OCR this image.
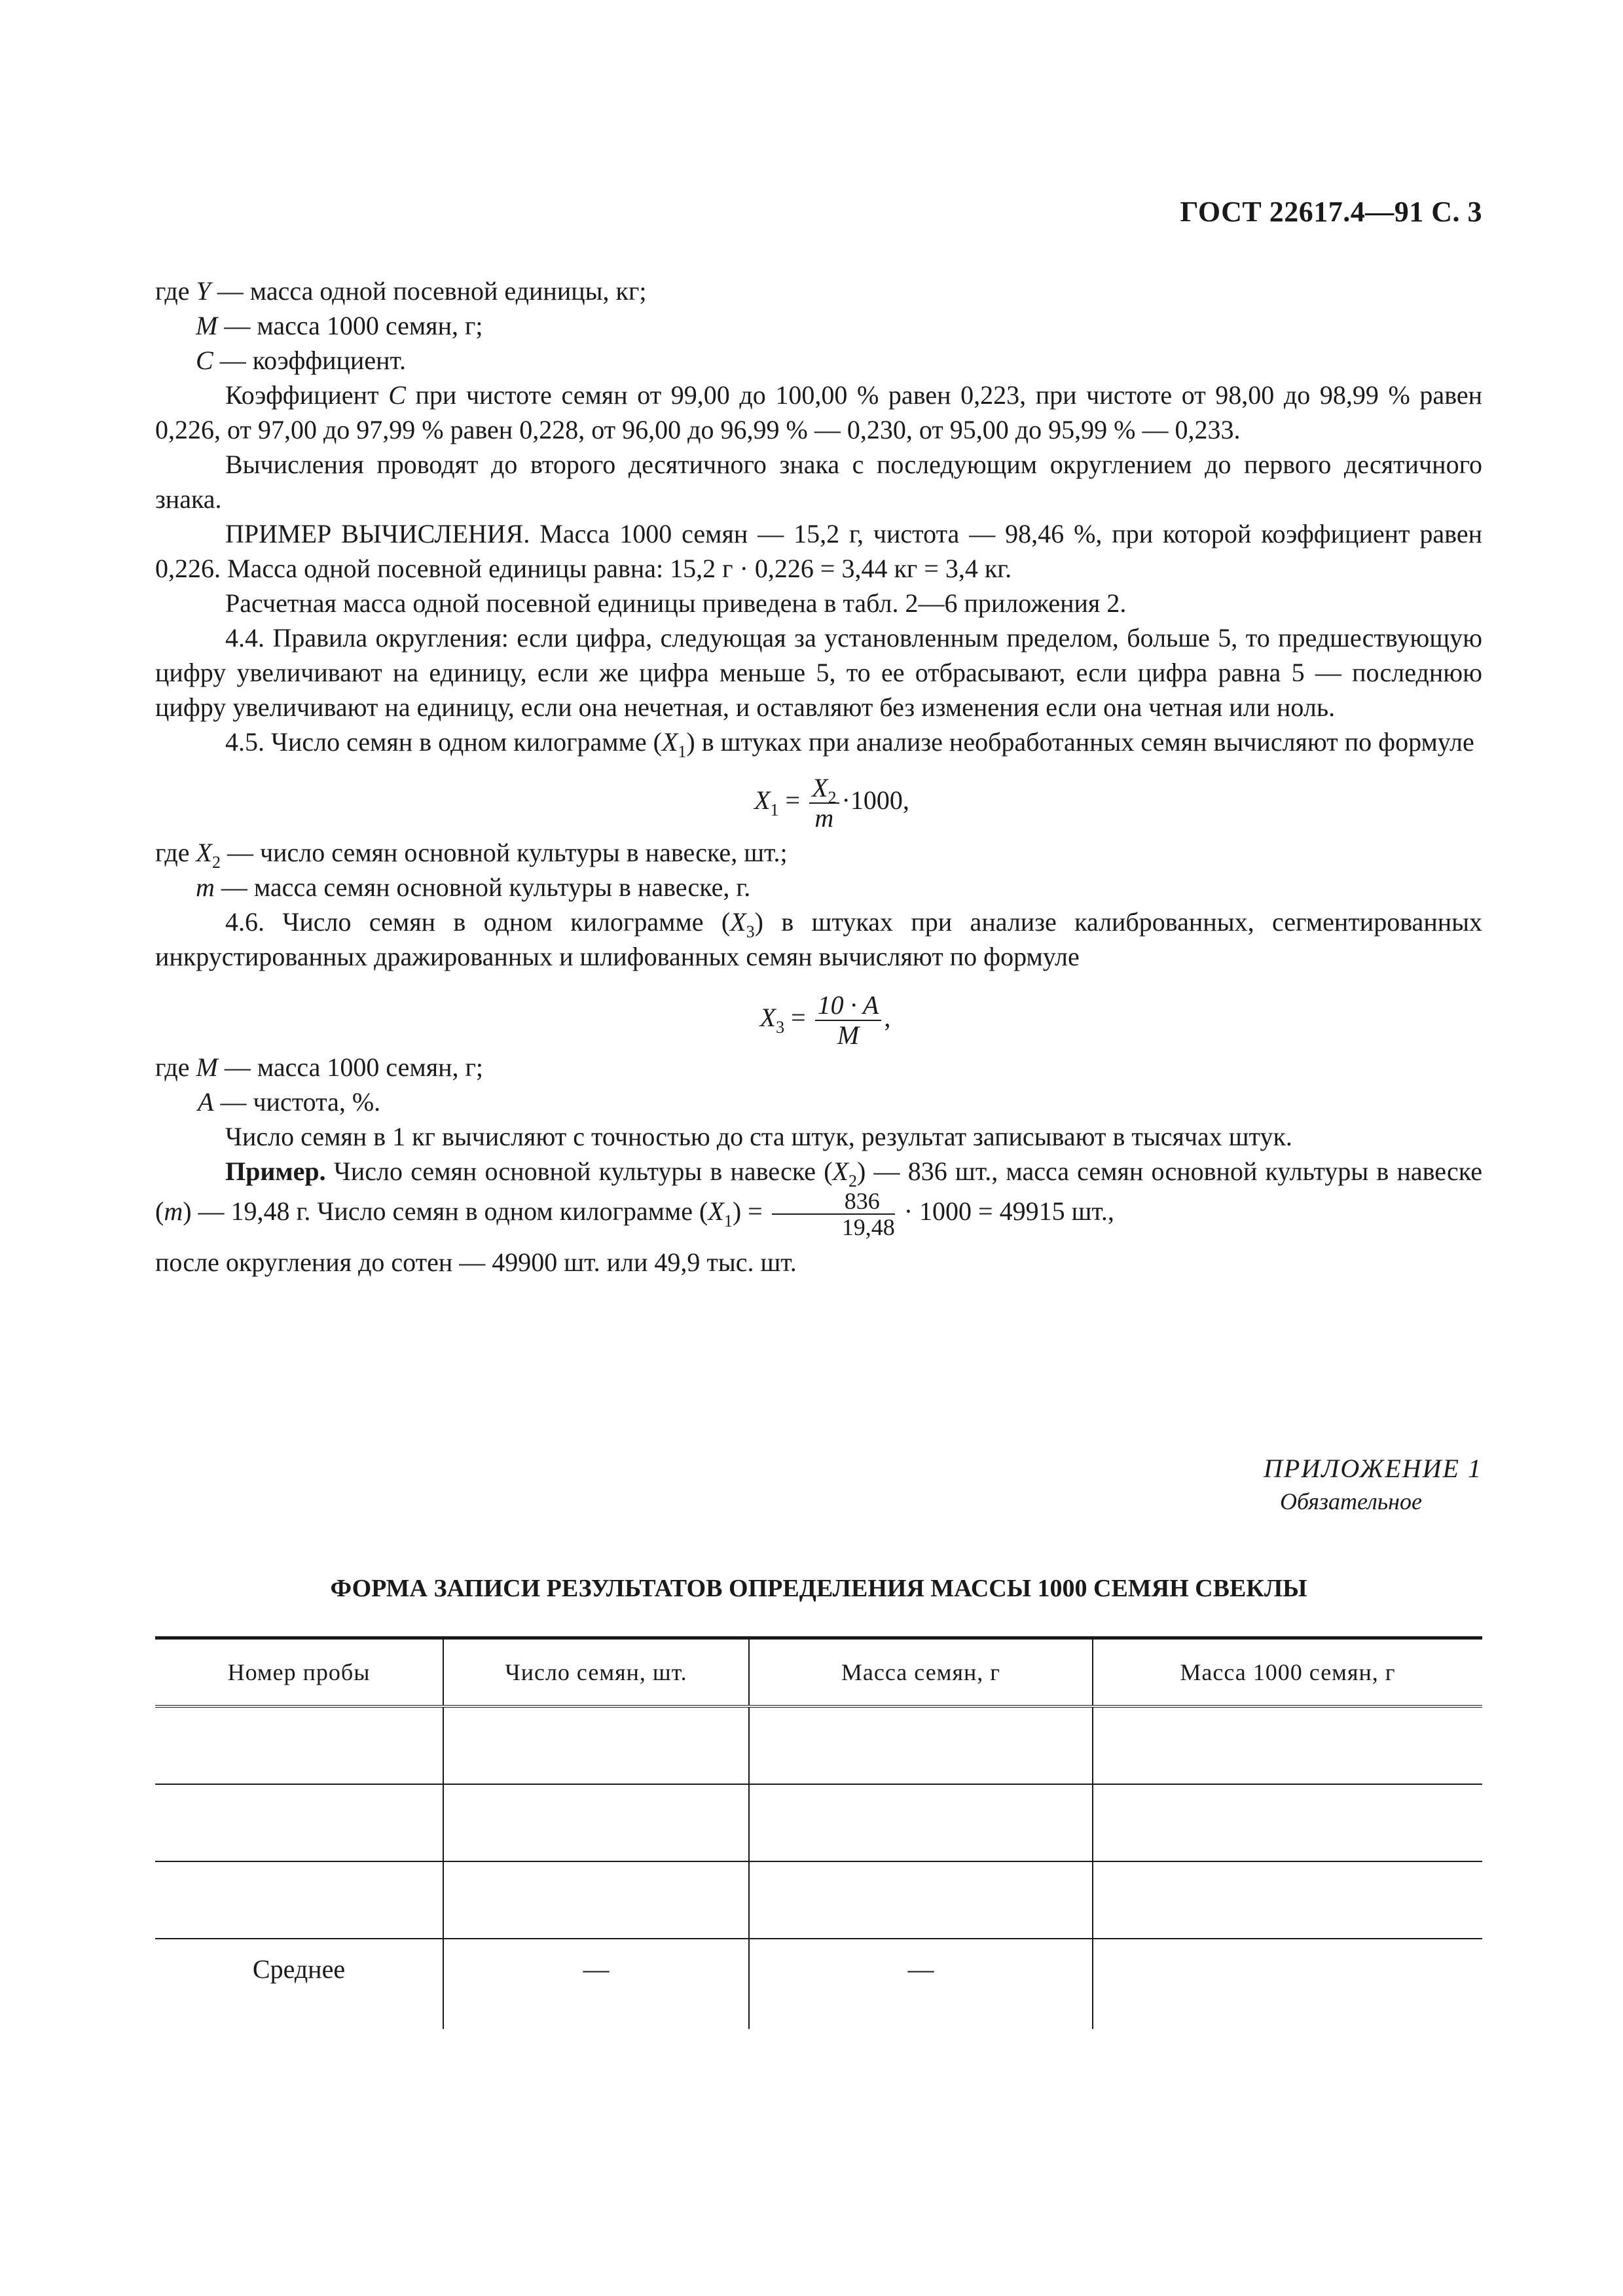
ГОСТ 22617.4—91 С. 3

где Y — масса одной посевной единицы, кг;

M — масса 1000 семян, г;

C — коэффициент.

Коэффициент C при чистоте семян от 99,00 до 100,00 % равен 0,223, при чистоте от 98,00 до 98,99 % равен 0,226, от 97,00 до 97,99 % равен 0,228, от 96,00 до 96,99 % — 0,230, от 95,00 до 95,99 % — 0,233.

Вычисления проводят до второго десятичного знака с последующим округлением до первого десятичного знака.

ПРИМЕР ВЫЧИСЛЕНИЯ. Масса 1000 семян — 15,2 г, чистота — 98,46 %, при которой коэффициент равен 0,226. Масса одной посевной единицы равна: 15,2 г · 0,226 = 3,44 кг = 3,4 кг.

Расчетная масса одной посевной единицы приведена в табл. 2—6 приложения 2.

4.4. Правила округления: если цифра, следующая за установленным пределом, больше 5, то предшествующую цифру увеличивают на единицу, если же цифра меньше 5, то ее отбрасывают, если цифра равна 5 — последнюю цифру увеличивают на единицу, если она нечетная, и оставляют без изменения если она четная или ноль.

4.5. Число семян в одном килограмме $(X_1)$ в штуках при анализе необработанных семян вычисляют по формуле

$X_1 = \frac{X_2}{m} \cdot 1000$,

где $X_2$ — число семян основной культуры в навеске, шт.;

m — масса семян основной культуры в навеске, г.

4.6. Число семян в одном килограмме $(X_3)$ в штуках при анализе калиброванных, сегментированных инкрустированных дражированных и шлифованных семян вычисляют по формуле

$X_3 = \frac{10 \cdot A}{M}$ ,

где M — масса 1000 семян, г;

A — чистота, %.

Число семян в 1 кг вычисляют с точностью до ста штук, результат записывают в тысячах штук.

Пример. Число семян основной культуры в навеске $(X_2)$ — 836 шт., масса семян основной культуры в навеске (m) — 19,48 г. Число семян в одном килограмме $(X_1) = \frac{836}{19,48} \cdot 1000 = 49915$ шт.,

после округления до сотен — 49900 шт. или 49,9 тыс. шт.

ПРИЛОЖЕНИЕ 1
Обязательное
ФОРМА ЗАПИСИ РЕЗУЛЬТАТОВ ОПРЕДЕЛЕНИЯ МАССЫ 1000 СЕМЯН СВЕКЛЫ
Номер пробы	Число семян, шт.	Масса семян, г	Масса 1000 семян, г

Среднее	—	—	
